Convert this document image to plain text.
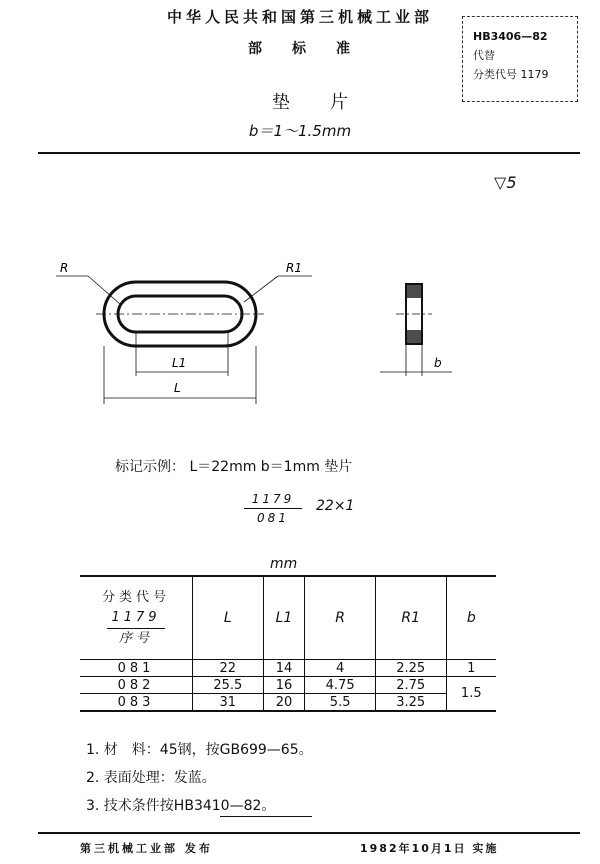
中华人民共和国第三机械工业部
部标准
垫片
b＝1～1.5mm
HB3406—82
代替
分类代号 1179
▽5
R	R1
L1
L
b
标记示例： L＝22mm b＝1mm 垫片
$\frac{1179}{081} 22\times 1$
mm
分类代号
$\frac{1179}{\text{序号}}$	L	L1	R	R1	b
081	22	14	4	2.25	1
082	25.5	16	4.75	2.75	1.5
083	31	20	5.5	3.25	
1. 材　料：45钢，按GB699—65。
2. 表面处理：发蓝。
3. 技术条件按HB3410—82。
第三机械工业部 发布	1982年10月1日 实施
